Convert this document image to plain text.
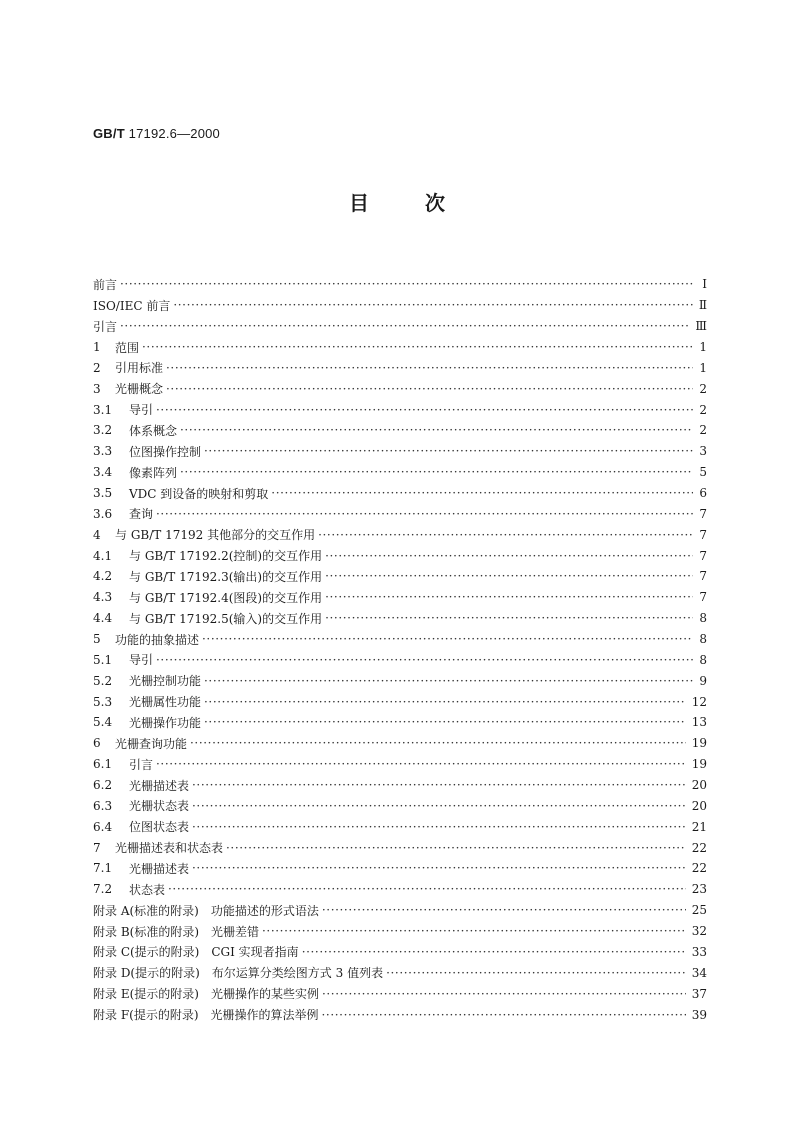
GB/T 17192.6—2000
目次
前言 ·····	Ⅰ
ISO/IEC 前言 ·····	Ⅱ
引言 ·····	Ⅲ
1	范围 ·····	1
2	引用标准 ·····	1
3	光栅概念 ·····	2
3.1	导引 ·····	2
3.2	体系概念 ·····	2
3.3	位图操作控制 ·····	3
3.4	像素阵列 ·····	5
3.5	VDC 到设备的映射和剪取 ·····	6
3.6	查询 ·····	7
4	与 GB/T 17192 其他部分的交互作用 ·····	7
4.1	与 GB/T 17192.2(控制)的交互作用 ·····	7
4.2	与 GB/T 17192.3(输出)的交互作用 ·····	7
4.3	与 GB/T 17192.4(图段)的交互作用 ·····	7
4.4	与 GB/T 17192.5(输入)的交互作用 ·····	8
5	功能的抽象描述 ·····	8
5.1	导引 ·····	8
5.2	光栅控制功能 ·····	9
5.3	光栅属性功能 ·····	12
5.4	光栅操作功能 ·····	13
6	光栅查询功能 ·····	19
6.1	引言 ·····	19
6.2	光栅描述表 ·····	20
6.3	光栅状态表 ·····	20
6.4	位图状态表 ·····	21
7	光栅描述表和状态表 ·····	22
7.1	光栅描述表 ·····	22
7.2	状态表 ·····	23
附录 A(标准的附录)　功能描述的形式语法 ·····	25
附录 B(标准的附录)　光栅差错 ·····	32
附录 C(提示的附录)　CGI 实现者指南 ·····	33
附录 D(提示的附录)　布尔运算分类绘图方式 3 值列表 ·····	34
附录 E(提示的附录)　光栅操作的某些实例 ·····	37
附录 F(提示的附录)　光栅操作的算法举例 ·····	39
